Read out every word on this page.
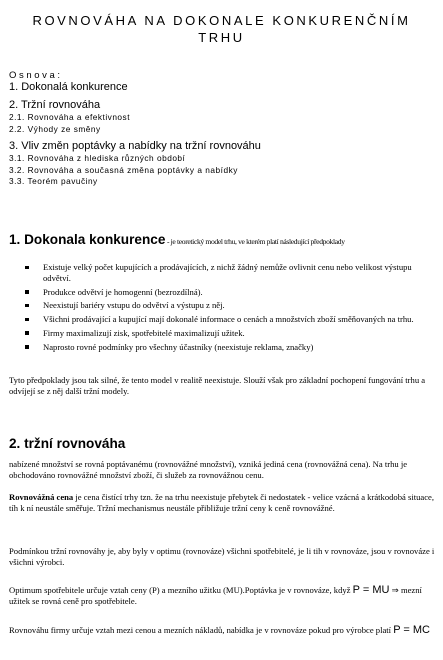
ROVNOVÁHA NA DOKONALE KONKURENČNÍM
TRHU
Osnova:
1. Dokonalá konkurence
2. Tržní rovnováha
2.1. Rovnováha a efektivnost
2.2. Výhody ze směny
3. Vliv změn poptávky a nabídky na tržní rovnováhu
3.1. Rovnováha z hlediska různých období
3.2. Rovnováha a současná změna poptávky a nabídky
3.3. Teorém pavučiny
1. Dokonala konkurence - je teoretický model trhu, ve kterém platí následující předpoklady
Existuje velký počet kupujících a prodávajících, z nichž žádný nemůže ovlivnit cenu nebo velikost výstupu odvětví.
Produkce odvětví je homogenní (bezrozdílná).
Neexistují bariéry vstupu do odvětví a výstupu z něj.
Všichni prodávající a kupující mají dokonalé informace o cenách a množstvích zboží směňovaných na trhu.
Firmy maximalizují zisk, spotřebitelé maximalizují užitek.
Naprosto rovné podmínky pro všechny účastníky (neexistuje reklama, značky)
Tyto předpoklady jsou tak silné, že tento model v realitě neexistuje. Slouží však pro základní pochopení fungování trhu a odvíjejí se z něj další tržní modely.
2. tržní rovnováha
nabízené množství se rovná poptávanému (rovnovážné množství), vzniká jediná cena (rovnovážná cena). Na trhu je obchodováno rovnovážné množství zboží, či služeb za rovnovážnou cenu.
Rovnovážná cena je cena čistící trhy tzn. že na trhu neexistuje přebytek či nedostatek - velice vzácná a krátkodobá situace, tíh k ní neustále směřuje. Tržní mechanismus neustále přibližuje tržní ceny k ceně rovnovážné.
Podmínkou tržní rovnováhy je, aby byly v optimu (rovnováze) všichni spotřebitelé, je li tih v rovnováze, jsou v rovnováze i všichni výrobci.
Optimum spotřebitele určuje vztah ceny (P) a mezního užitku (MU).Poptávka je v rovnováze, když P = MU ⇒ mezní užitek se rovná ceně pro spotřebitele.
Rovnováhu firmy určuje vztah mezi cenou a mezních nákladů, nabídka je v rovnováze pokud pro výrobce platí P = MC
